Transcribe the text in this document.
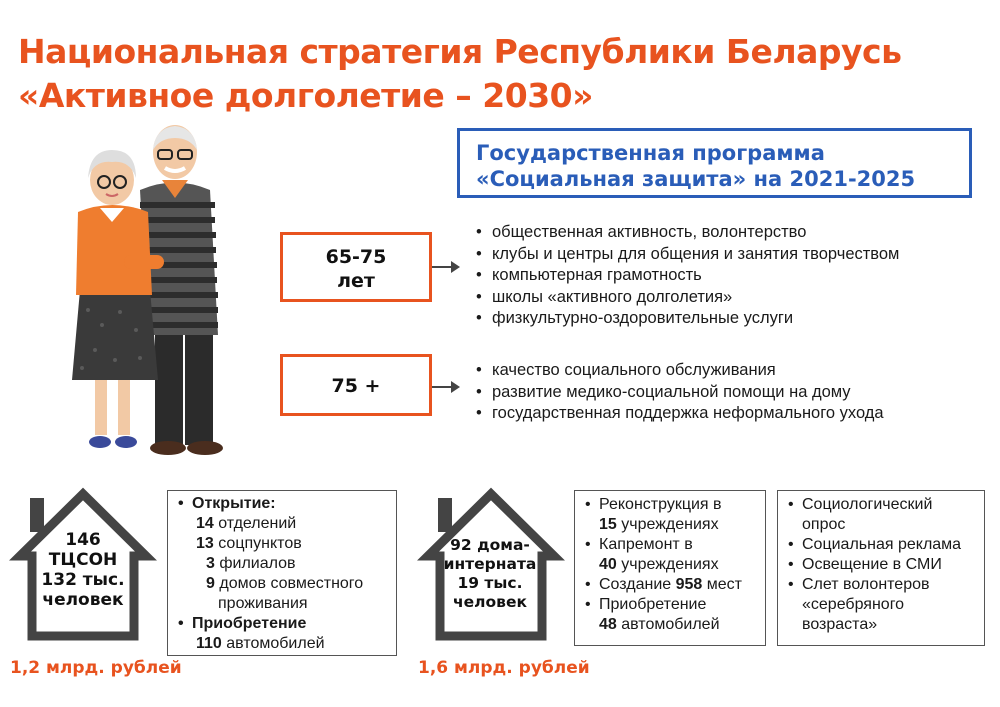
Национальная стратегия Республики Беларусь
«Активное долголетие – 2030»
Государственная программа
«Социальная защита» на 2021-2025
65-75
лет
• общественная активность, волонтерство
• клубы и центры для общения и занятия творчеством
• компьютерная грамотность
• школы «активного долголетия»
• физкультурно-оздоровительные услуги
75 +
• качество социального обслуживания
• развитие медико-социальной помощи на дому
• государственная поддержка неформального ухода
146
ТЦСОН
132 тыс.
человек
1,2 млрд. рублей
• Открытие:
14 отделений
13 соцпунктов
3 филиалов
9 домов совместного
проживания
• Приобретение
110 автомобилей
92 дома-
интерната
19 тыс.
человек
1,6 млрд. рублей
• Реконструкция в
15 учреждениях
• Капремонт в
40 учреждениях
• Создание 958 мест
• Приобретение
48 автомобилей
• Социологический
опрос
• Социальная реклама
• Освещение в СМИ
• Слет волонтеров
«серебряного
возраста»
